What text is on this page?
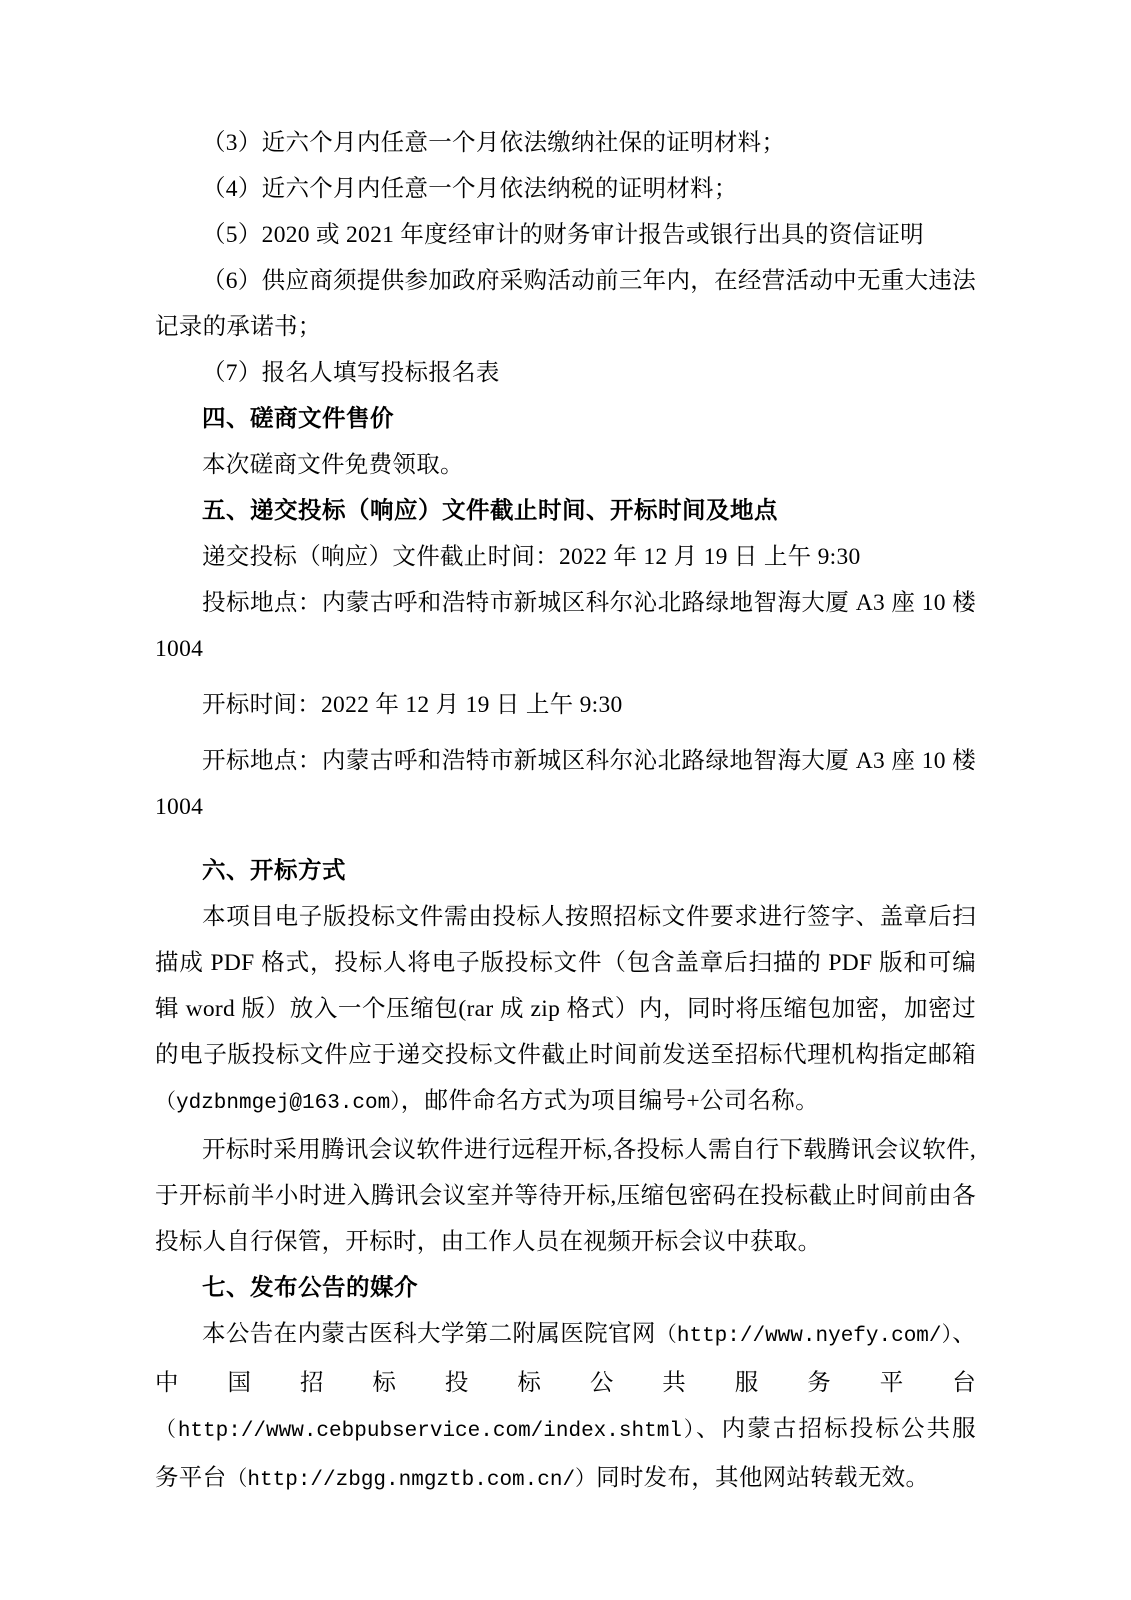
（3）近六个月内任意一个月依法缴纳社保的证明材料；

（4）近六个月内任意一个月依法纳税的证明材料；

（5）2020 或 2021 年度经审计的财务审计报告或银行出具的资信证明

（6）供应商须提供参加政府采购活动前三年内，在经营活动中无重大违法记录的承诺书；

（7）报名人填写投标报名表

四、磋商文件售价

本次磋商文件免费领取。

五、递交投标（响应）文件截止时间、开标时间及地点

递交投标（响应）文件截止时间：2022 年 12 月 19 日 上午 9:30

投标地点：内蒙古呼和浩特市新城区科尔沁北路绿地智海大厦 A3 座 10 楼 1004

开标时间：2022 年 12 月 19 日 上午 9:30

开标地点：内蒙古呼和浩特市新城区科尔沁北路绿地智海大厦 A3 座 10 楼 1004

六、开标方式

本项目电子版投标文件需由投标人按照招标文件要求进行签字、盖章后扫描成 PDF 格式，投标人将电子版投标文件（包含盖章后扫描的 PDF 版和可编辑 word 版）放入一个压缩包(rar 成 zip 格式）内，同时将压缩包加密，加密过的电子版投标文件应于递交投标文件截止时间前发送至招标代理机构指定邮箱（ydzbnmgej@163.com），邮件命名方式为项目编号+公司名称。

开标时采用腾讯会议软件进行远程开标,各投标人需自行下载腾讯会议软件,于开标前半小时进入腾讯会议室并等待开标,压缩包密码在投标截止时间前由各投标人自行保管，开标时，由工作人员在视频开标会议中获取。

七、发布公告的媒介

本公告在内蒙古医科大学第二附属医院官网（http://www.nyefy.com/）、中国招标投标公共服务平台（http://www.cebpubservice.com/index.shtml）、内蒙古招标投标公共服务平台（http://zbgg.nmgztb.com.cn/）同时发布，其他网站转载无效。
